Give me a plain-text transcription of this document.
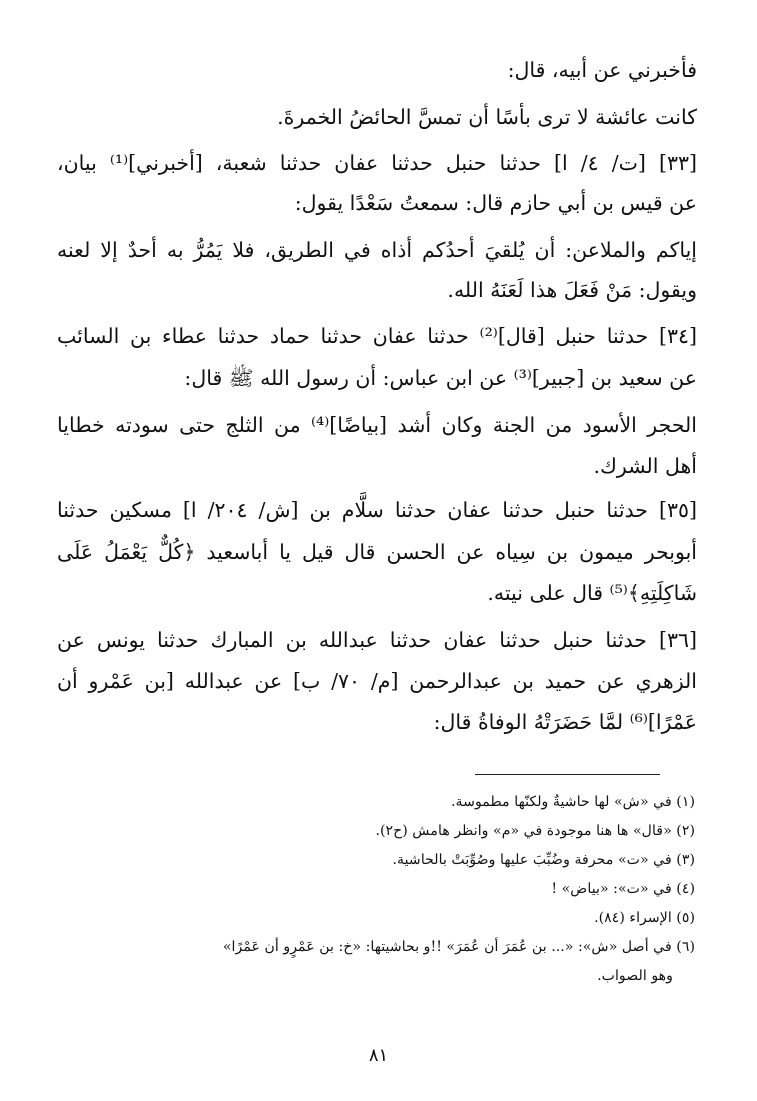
فأخبرني عن أبيه، قال:
كانت عائشة لا ترى بأسًا أن تمسَّ الحائضُ الخمرةَ.
[٣٣] [ت/ ٤/ ا] حدثنا حنبل حدثنا عفان حدثنا شعبة، [أخبرني]⁽¹⁾ بيان،
عن قيس بن أبي حازم قال: سمعتُ سَعْدًا يقول:
إياكم والملاعن: أن يُلقيَ أحدُكم أذاه في الطريق، فلا يَمُرُّ به أحدٌ إلا لعنه
ويقول: مَنْ فَعَلَ هذا لَعَنَهُ الله.
[٣٤] حدثنا حنبل [قال]⁽²⁾ حدثنا عفان حدثنا حماد حدثنا عطاء بن السائب
عن سعيد بن [جبير]⁽³⁾ عن ابن عباس: أن رسول الله ﷺ قال:
الحجر الأسود من الجنة وكان أشد [بياضًا]⁽⁴⁾ من الثلج حتى سودته خطايا
أهل الشرك.
[٣٥] حدثنا حنبل حدثنا عفان حدثنا سلَّام بن [ش/ ٢٠٤/ ا] مسكين حدثنا
أبوبحر ميمون بن سِياه عن الحسن قال قيل يا أباسعيد ﴿كُلٌّ يَعْمَلُ عَلَى
شَاكِلَتِهِ﴾⁽⁵⁾ قال على نيته.
[٣٦] حدثنا حنبل حدثنا عفان حدثنا عبدالله بن المبارك حدثنا يونس عن
الزهري عن حميد بن عبدالرحمن [م/ ٧٠/ ب] عن عبدالله [بن عَمْرو أن
عَمْرًا]⁽⁶⁾ لمَّا حَضَرَتْهُ الوفاةُ قال:
(١) في «ش» لها حاشيةٌ ولكنّها مطموسة.
(٢) «قال» ها هنا موجودة في «م» وانظر هامش (ح٢).
(٣) في «ت» محرفة وضُبِّبَ عليها وصُوِّبَتْ بالحاشية.
(٤) في «ت»: «بياض» !
(٥) الإسراء (٨٤).
(٦) في أصل «ش»: «... بن عُمَرَ أن عُمَرَ» !!و بحاشيتها: «خ: بن عَمْرٍو أن عَمْرًا»
وهو الصواب.
٨١
